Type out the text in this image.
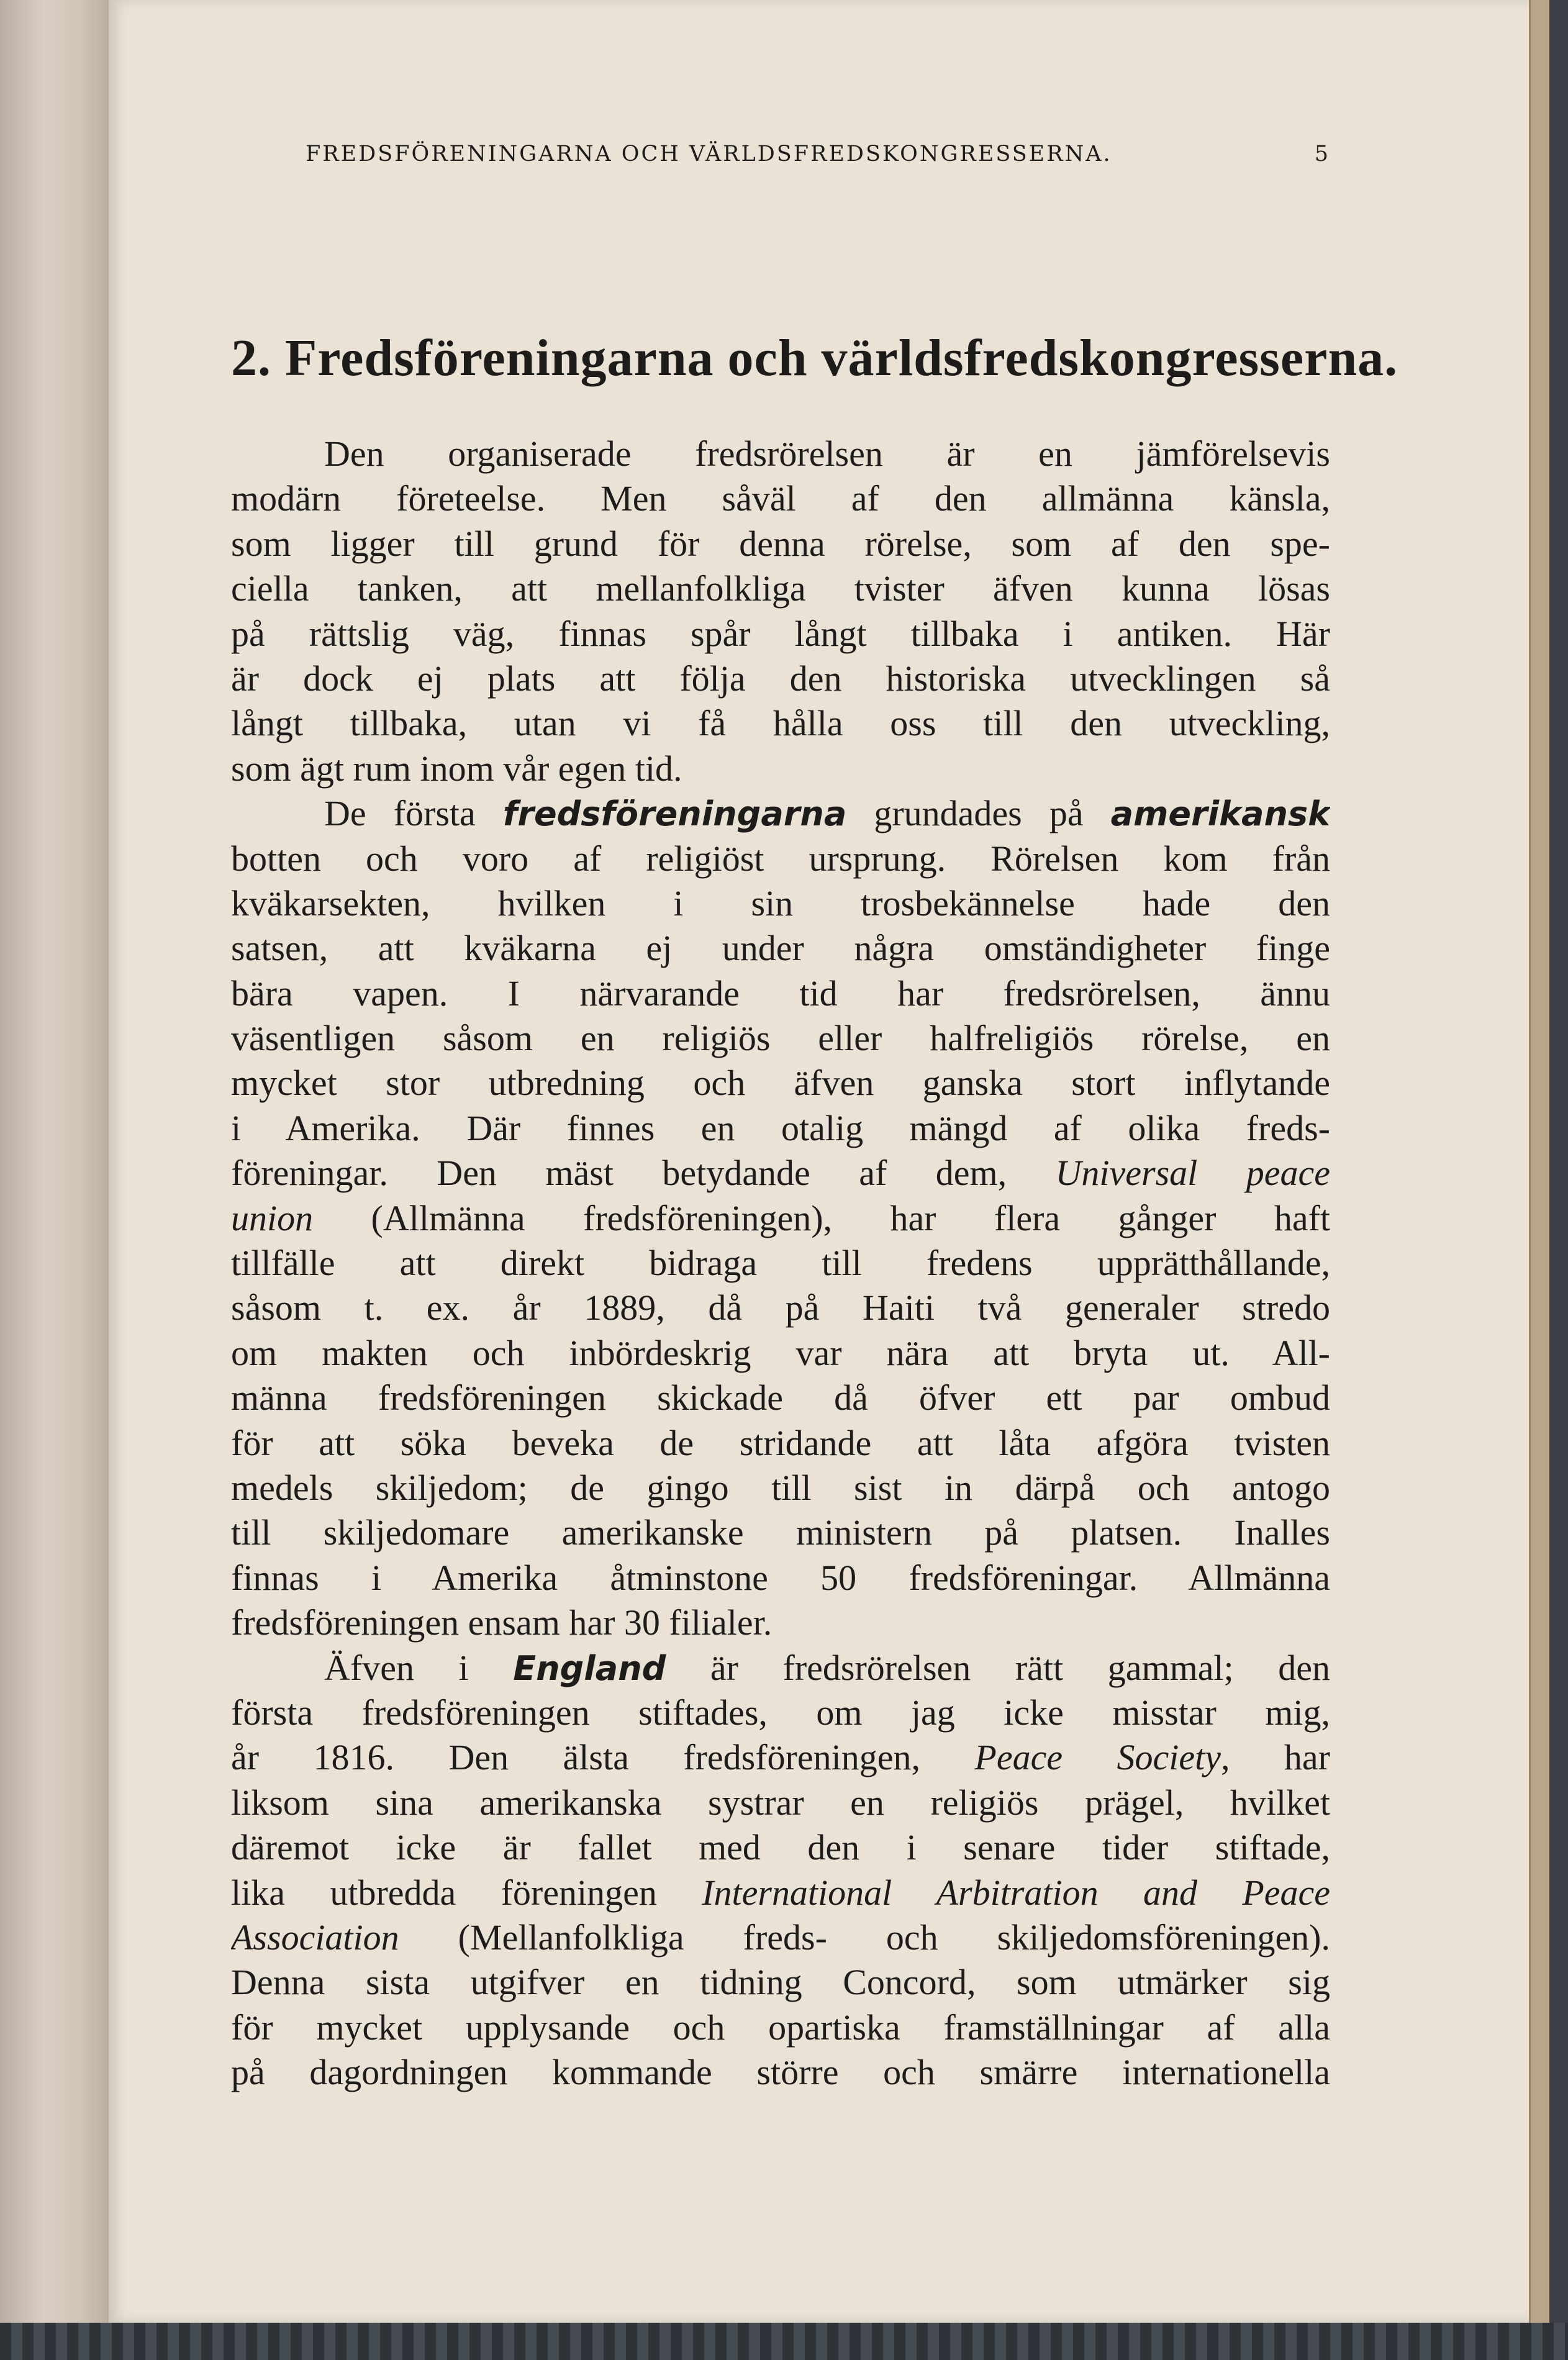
FREDSFÖRENINGARNA OCH VÄRLDSFREDSKONGRESSERNA.	5
2. Fredsföreningarna och världsfredskongresserna.
Den organiserade fredsrörelsen är en jämförelsevis
modärn företeelse. Men såväl af den allmänna känsla,
som ligger till grund för denna rörelse, som af den spe-
ciella tanken, att mellanfolkliga tvister äfven kunna lösas
på rättslig väg, finnas spår långt tillbaka i antiken. Här
är dock ej plats att följa den historiska utvecklingen så
långt tillbaka, utan vi få hålla oss till den utveckling,
som ägt rum inom vår egen tid.
De första fredsföreningarna grundades på amerikansk
botten och voro af religiöst ursprung. Rörelsen kom från
kväkarsekten, hvilken i sin trosbekännelse hade den
satsen, att kväkarna ej under några omständigheter finge
bära vapen. I närvarande tid har fredsrörelsen, ännu
väsentligen såsom en religiös eller halfreligiös rörelse, en
mycket stor utbredning och äfven ganska stort inflytande
i Amerika. Där finnes en otalig mängd af olika freds-
föreningar. Den mäst betydande af dem, Universal peace
union (Allmänna fredsföreningen), har flera gånger haft
tillfälle att direkt bidraga till fredens upprätthållande,
såsom t. ex. år 1889, då på Haiti två generaler stredo
om makten och inbördeskrig var nära att bryta ut. All-
männa fredsföreningen skickade då öfver ett par ombud
för att söka beveka de stridande att låta afgöra tvisten
medels skiljedom; de gingo till sist in därpå och antogo
till skiljedomare amerikanske ministern på platsen. Inalles
finnas i Amerika åtminstone 50 fredsföreningar. Allmänna
fredsföreningen ensam har 30 filialer.
Äfven i England är fredsrörelsen rätt gammal; den
första fredsföreningen stiftades, om jag icke misstar mig,
år 1816. Den älsta fredsföreningen, Peace Society, har
liksom sina amerikanska systrar en religiös prägel, hvilket
däremot icke är fallet med den i senare tider stiftade,
lika utbredda föreningen International Arbitration and Peace
Association (Mellanfolkliga freds- och skiljedomsföreningen).
Denna sista utgifver en tidning Concord, som utmärker sig
för mycket upplysande och opartiska framställningar af alla
på dagordningen kommande större och smärre internationella
